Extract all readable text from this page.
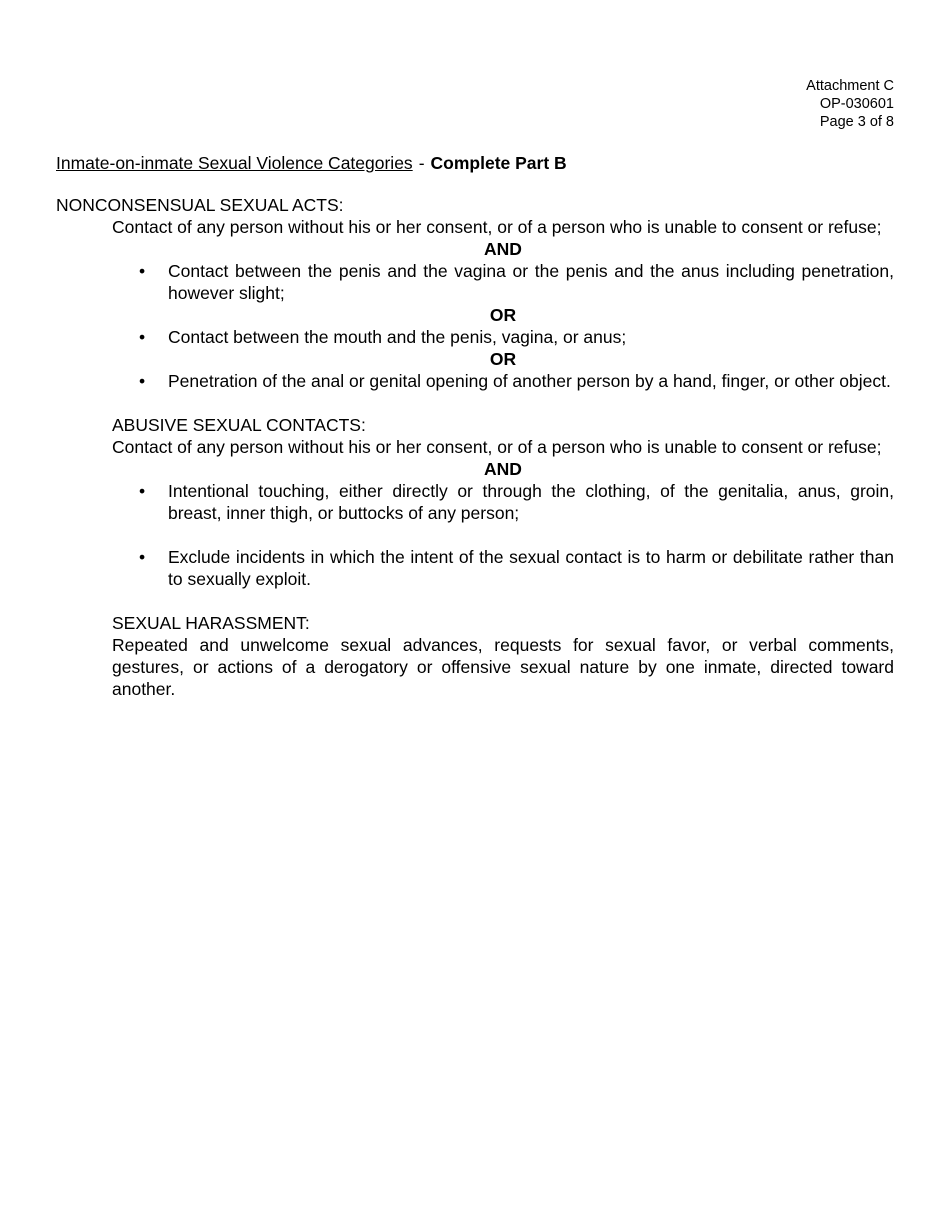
Attachment C
OP-030601
Page 3 of 8
Inmate-on-inmate Sexual Violence Categories - Complete Part B
NONCONSENSUAL SEXUAL ACTS:
Contact of any person without his or her consent, or of a person who is unable to consent or refuse;
AND
• Contact between the penis and the vagina or the penis and the anus including penetration, however slight;
OR
• Contact between the mouth and the penis, vagina, or anus;
OR
• Penetration of the anal or genital opening of another person by a hand, finger, or other object.
ABUSIVE SEXUAL CONTACTS:
Contact of any person without his or her consent, or of a person who is unable to consent or refuse;
AND
• Intentional touching, either directly or through the clothing, of the genitalia, anus, groin, breast, inner thigh, or buttocks of any person;
• Exclude incidents in which the intent of the sexual contact is to harm or debilitate rather than to sexually exploit.
SEXUAL HARASSMENT:
Repeated and unwelcome sexual advances, requests for sexual favor, or verbal comments, gestures, or actions of a derogatory or offensive sexual nature by one inmate, directed toward another.
